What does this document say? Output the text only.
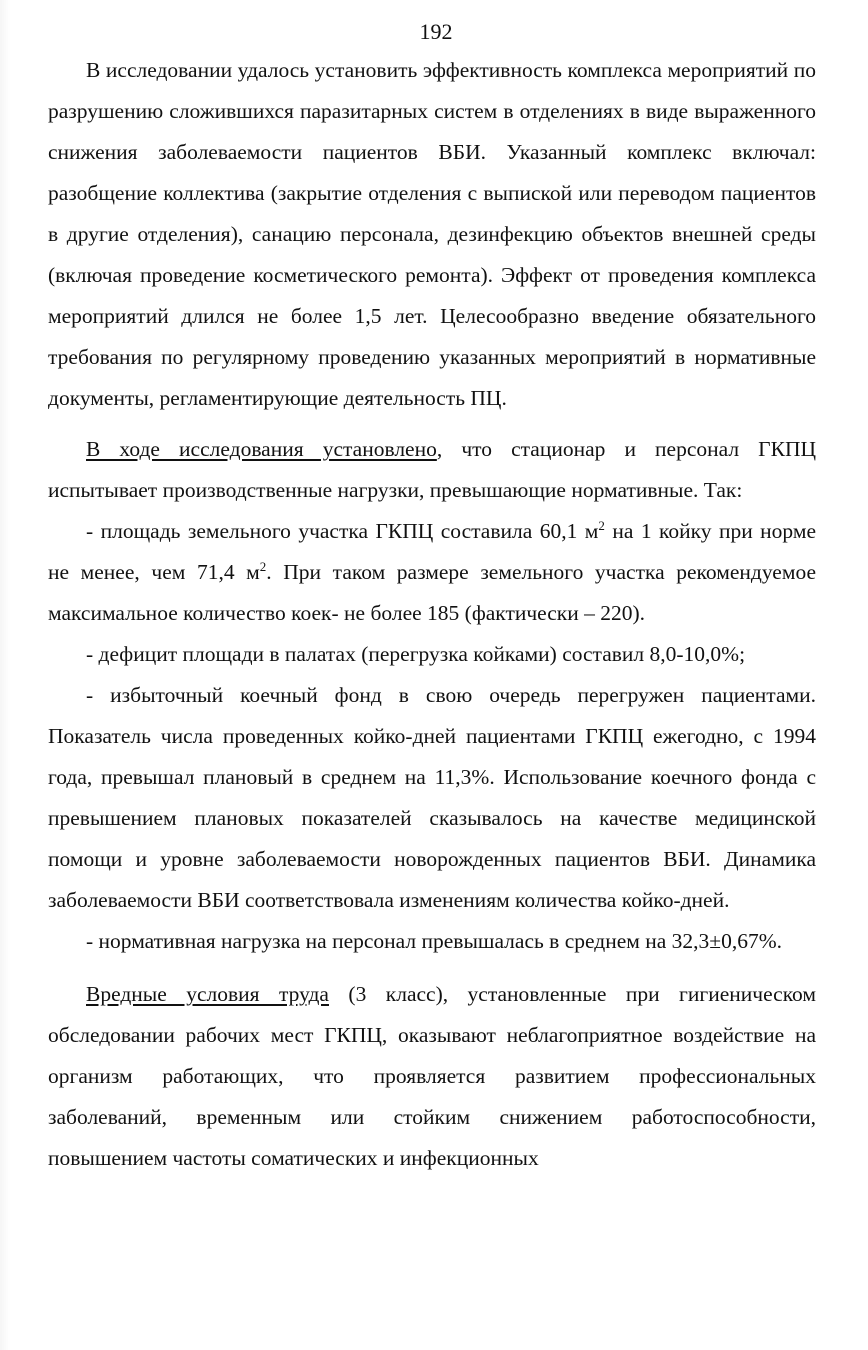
192

В исследовании удалось установить эффективность комплекса мероприятий по разрушению сложившихся паразитарных систем в отделениях в виде выраженного снижения заболеваемости пациентов ВБИ. Указанный комплекс включал: разобщение коллектива (закрытие отделения с выпиской или переводом пациентов в другие отделения), санацию персонала, дезинфекцию объектов внешней среды (включая проведение косметического ремонта). Эффект от проведения комплекса мероприятий длился не более 1,5 лет. Целесообразно введение обязательного требования по регулярному проведению указанных мероприятий в нормативные документы, регламентирующие деятельность ПЦ.

В ходе исследования установлено, что стационар и персонал ГКПЦ испытывает производственные нагрузки, превышающие нормативные. Так:

- площадь земельного участка ГКПЦ составила 60,1 $м^2$ на 1 койку при норме не менее, чем 71,4 $м^2$. При таком размере земельного участка рекомендуемое максимальное количество коек- не более 185 (фактически – 220).

- дефицит площади в палатах (перегрузка койками) составил 8,0-10,0%;

- избыточный коечный фонд в свою очередь перегружен пациентами. Показатель числа проведенных койко-дней пациентами ГКПЦ ежегодно, с 1994 года, превышал плановый в среднем на 11,3%. Использование коечного фонда с превышением плановых показателей сказывалось на качестве медицинской помощи и уровне заболеваемости новорожденных пациентов ВБИ. Динамика заболеваемости ВБИ соответствовала изменениям количества койко-дней.

- нормативная нагрузка на персонал превышалась в среднем на 32,3±0,67%.

Вредные условия труда (3 класс), установленные при гигиеническом обследовании рабочих мест ГКПЦ, оказывают неблагоприятное воздействие на организм работающих, что проявляется развитием профессиональных заболеваний, временным или стойким снижением работоспособности, повышением частоты соматических и инфекционных
